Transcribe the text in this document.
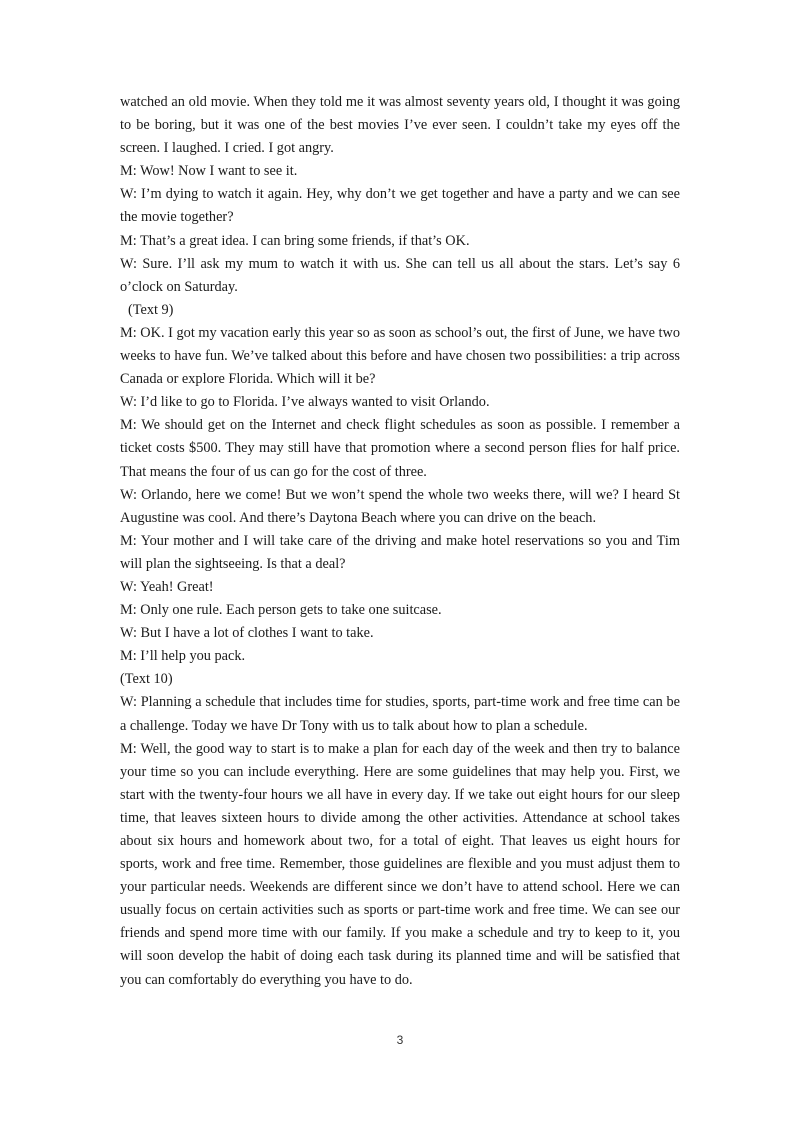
watched an old movie. When they told me it was almost seventy years old, I thought it was going to be boring, but it was one of the best movies I’ve ever seen. I couldn’t take my eyes off the screen. I laughed. I cried. I got angry.

M: Wow! Now I want to see it.

W: I’m dying to watch it again. Hey, why don’t we get together and have a party and we can see the movie together?

M: That’s a great idea. I can bring some friends, if that’s OK.

W: Sure. I’ll ask my mum to watch it with us. She can tell us all about the stars. Let’s say 6 o’clock on Saturday.

(Text 9)

M: OK. I got my vacation early this year so as soon as school’s out, the first of June, we have two weeks to have fun. We’ve talked about this before and have chosen two possibilities: a trip across Canada or explore Florida. Which will it be?

W: I’d like to go to Florida. I’ve always wanted to visit Orlando.

M: We should get on the Internet and check flight schedules as soon as possible. I remember a ticket costs $500. They may still have that promotion where a second person flies for half price. That means the four of us can go for the cost of three.

W: Orlando, here we come! But we won’t spend the whole two weeks there, will we? I heard St Augustine was cool. And there’s Daytona Beach where you can drive on the beach.

M: Your mother and I will take care of the driving and make hotel reservations so you and Tim will plan the sightseeing. Is that a deal?

W: Yeah! Great!

M: Only one rule. Each person gets to take one suitcase.

W: But I have a lot of clothes I want to take.

M: I’ll help you pack.

(Text 10)

W: Planning a schedule that includes time for studies, sports, part-time work and free time can be a challenge. Today we have Dr Tony with us to talk about how to plan a schedule.

M: Well, the good way to start is to make a plan for each day of the week and then try to balance your time so you can include everything. Here are some guidelines that may help you. First, we start with the twenty-four hours we all have in every day. If we take out eight hours for our sleep time, that leaves sixteen hours to divide among the other activities. Attendance at school takes about six hours and homework about two, for a total of eight. That leaves us eight hours for sports, work and free time. Remember, those guidelines are flexible and you must adjust them to your particular needs. Weekends are different since we don’t have to attend school. Here we can usually focus on certain activities such as sports or part-time work and free time. We can see our friends and spend more time with our family. If you make a schedule and try to keep to it, you will soon develop the habit of doing each task during its planned time and will be satisfied that you can comfortably do everything you have to do.

3
